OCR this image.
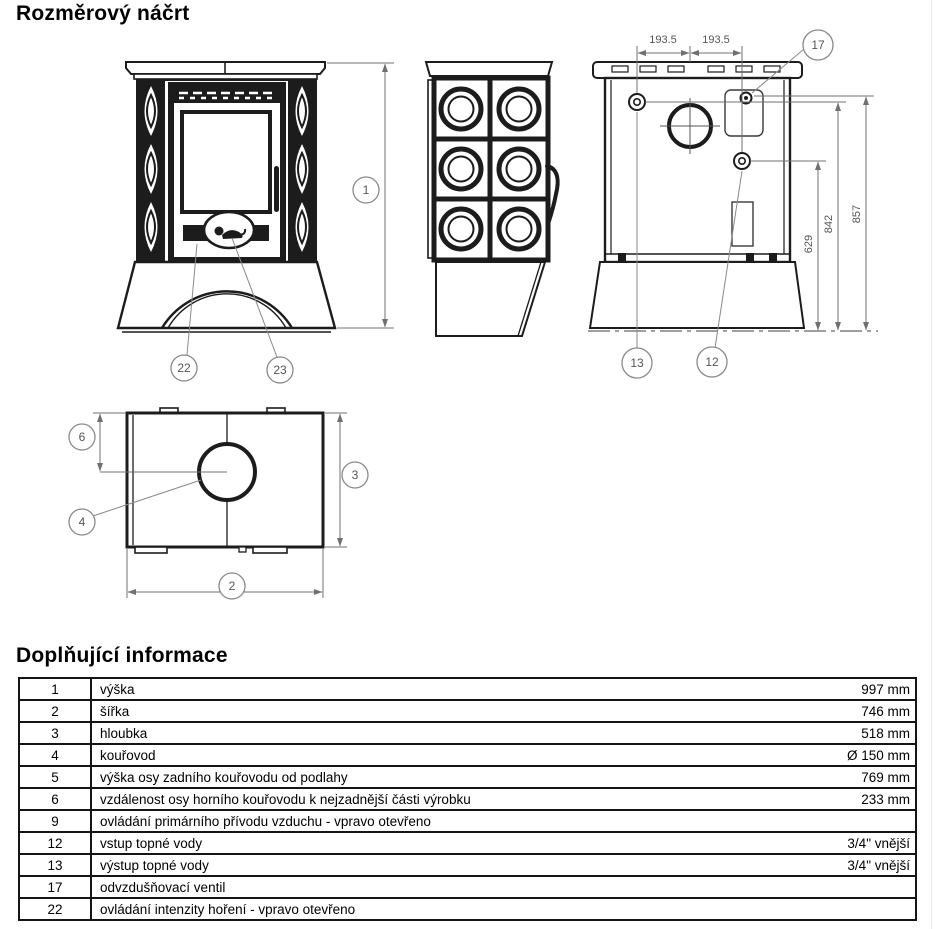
Rozměrový náčrt
1
22	23
193.5 193.5
629
842
857
17
13	12
6
3
2
4
Doplňující informace
1	výška	997 mm
2	šířka	746 mm
3	hloubka	518 mm
4	kouřovod	Ø 150 mm
5	výška osy zadního kouřovodu od podlahy	769 mm
6	vzdálenost osy horního kouřovodu k nejzadnější části výrobku	233 mm
9	ovládání primárního přívodu vzduchu - vpravo otevřeno	
12	vstup topné vody	3/4" vnější
13	výstup topné vody	3/4" vnější
17	odvzdušňovací ventil	
22	ovládání intenzity hoření - vpravo otevřeno	
